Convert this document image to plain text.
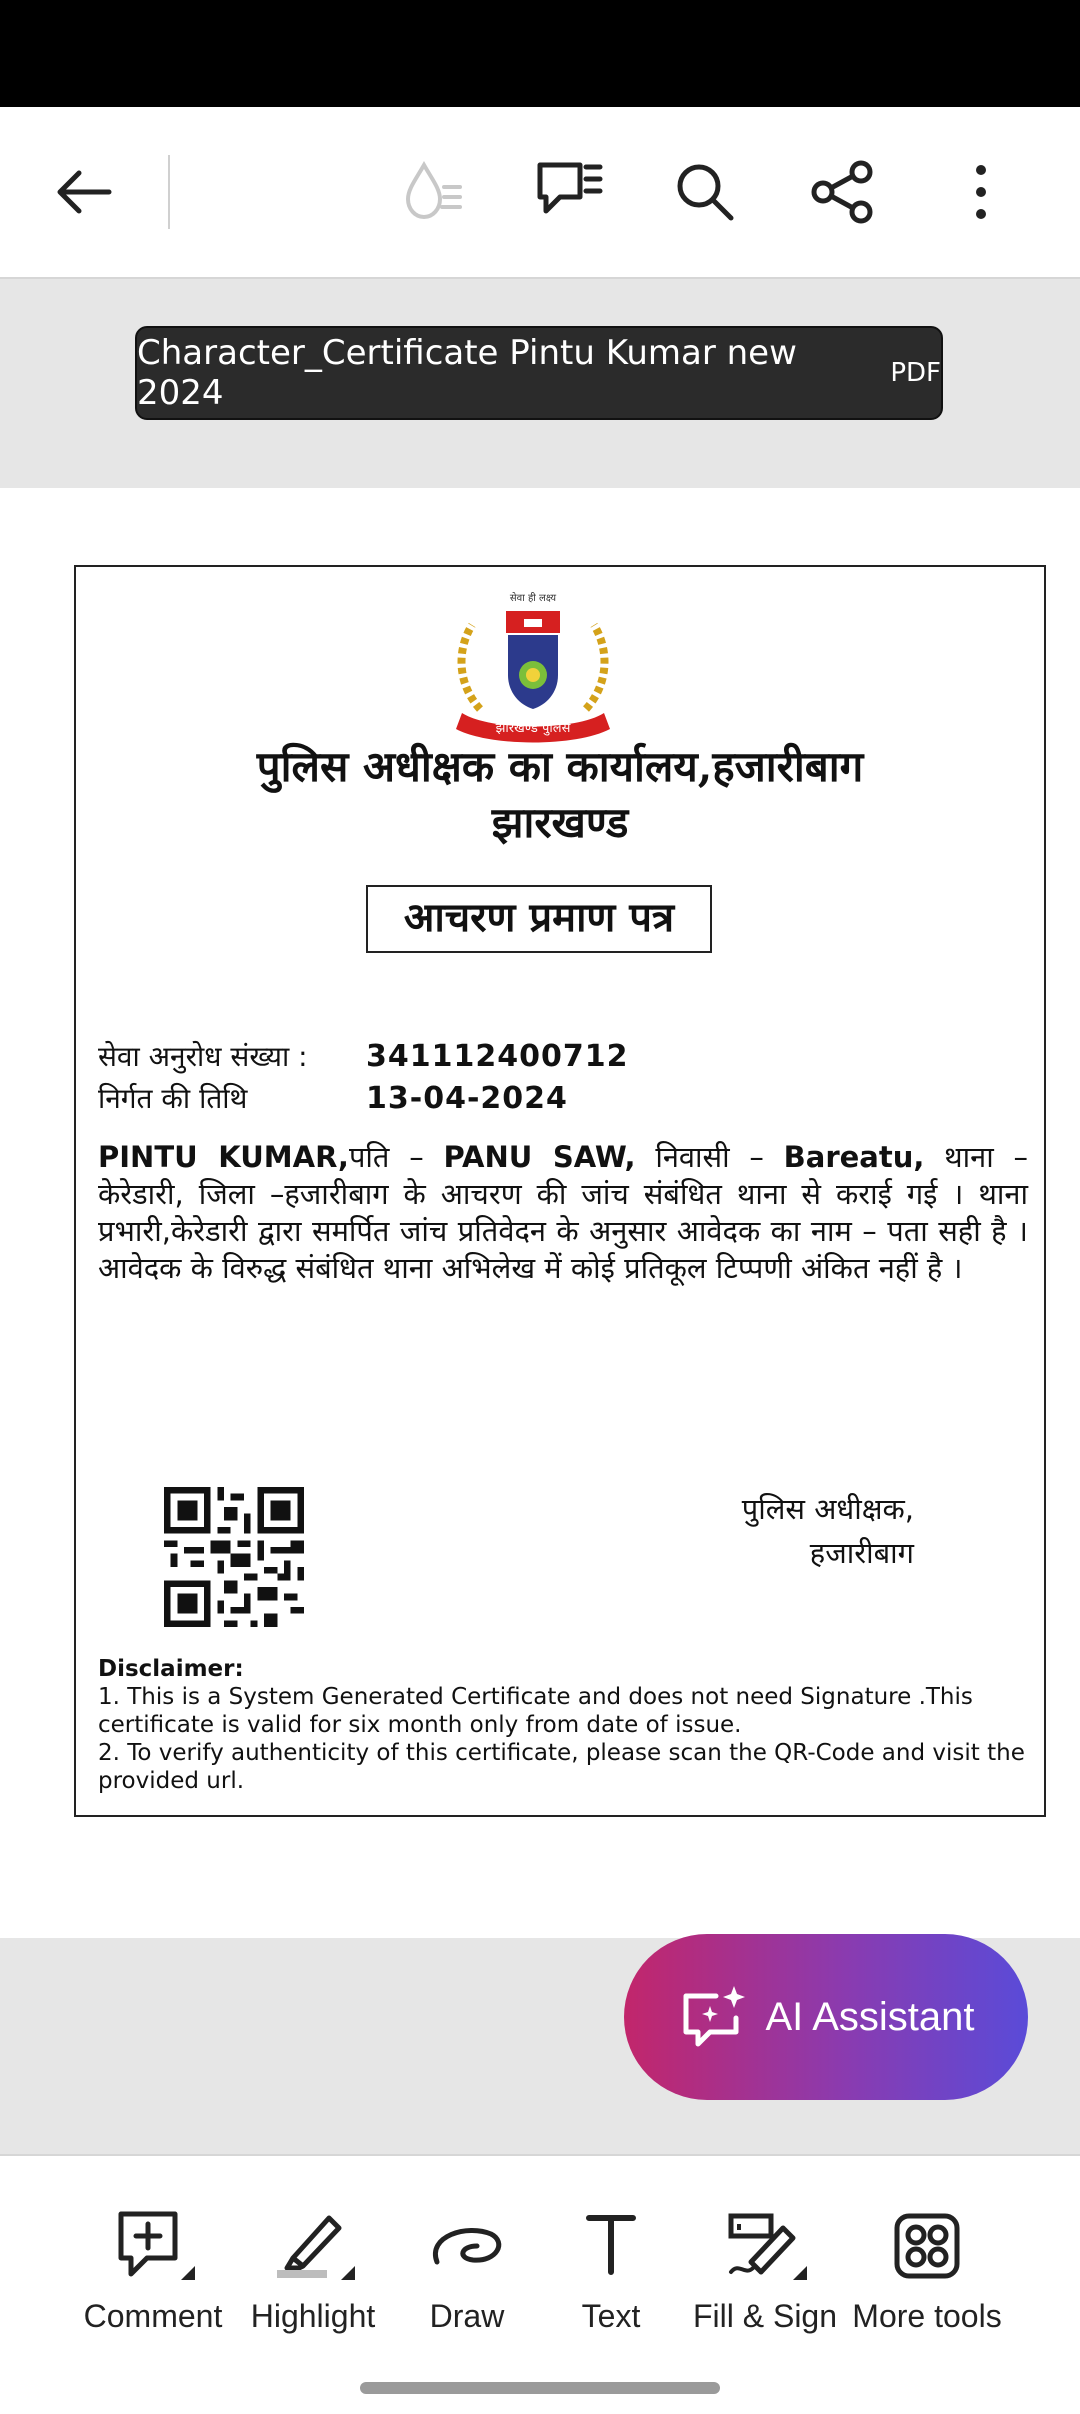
Character_Certificate Pintu Kumar new 2024	PDF
सेवा ही लक्ष्य
झारखण्ड पुलिस
पुलिस अधीक्षक का कार्यालय,हजारीबाग
झारखण्ड
आचरण प्रमाण पत्र
सेवा अनुरोध संख्या : 341112400712
निर्गत की तिथि	13-04-2024
PINTU KUMAR,पति – PANU SAW, निवासी – Bareatu, थाना – केरेडारी, जिला –हजारीबाग के आचरण की जांच संबंधित थाना से कराई गई । थाना प्रभारी,केरेडारी द्वारा समर्पित जांच प्रतिवेदन के अनुसार आवेदक का नाम – पता सही है । आवेदक के विरुद्ध संबंधित थाना अभिलेख में कोई प्रतिकूल टिप्पणी अंकित नहीं है ।
पुलिस अधीक्षक,
हजारीबाग
Disclaimer:
1. This is a System Generated Certificate and does not need Signature .This certificate is valid for six month only from date of issue.
2. To verify authenticity of this certificate, please scan the QR-Code and visit the provided url.
AI Assistant
Comment Highlight	Draw	Text	Fill & Sign More tools
